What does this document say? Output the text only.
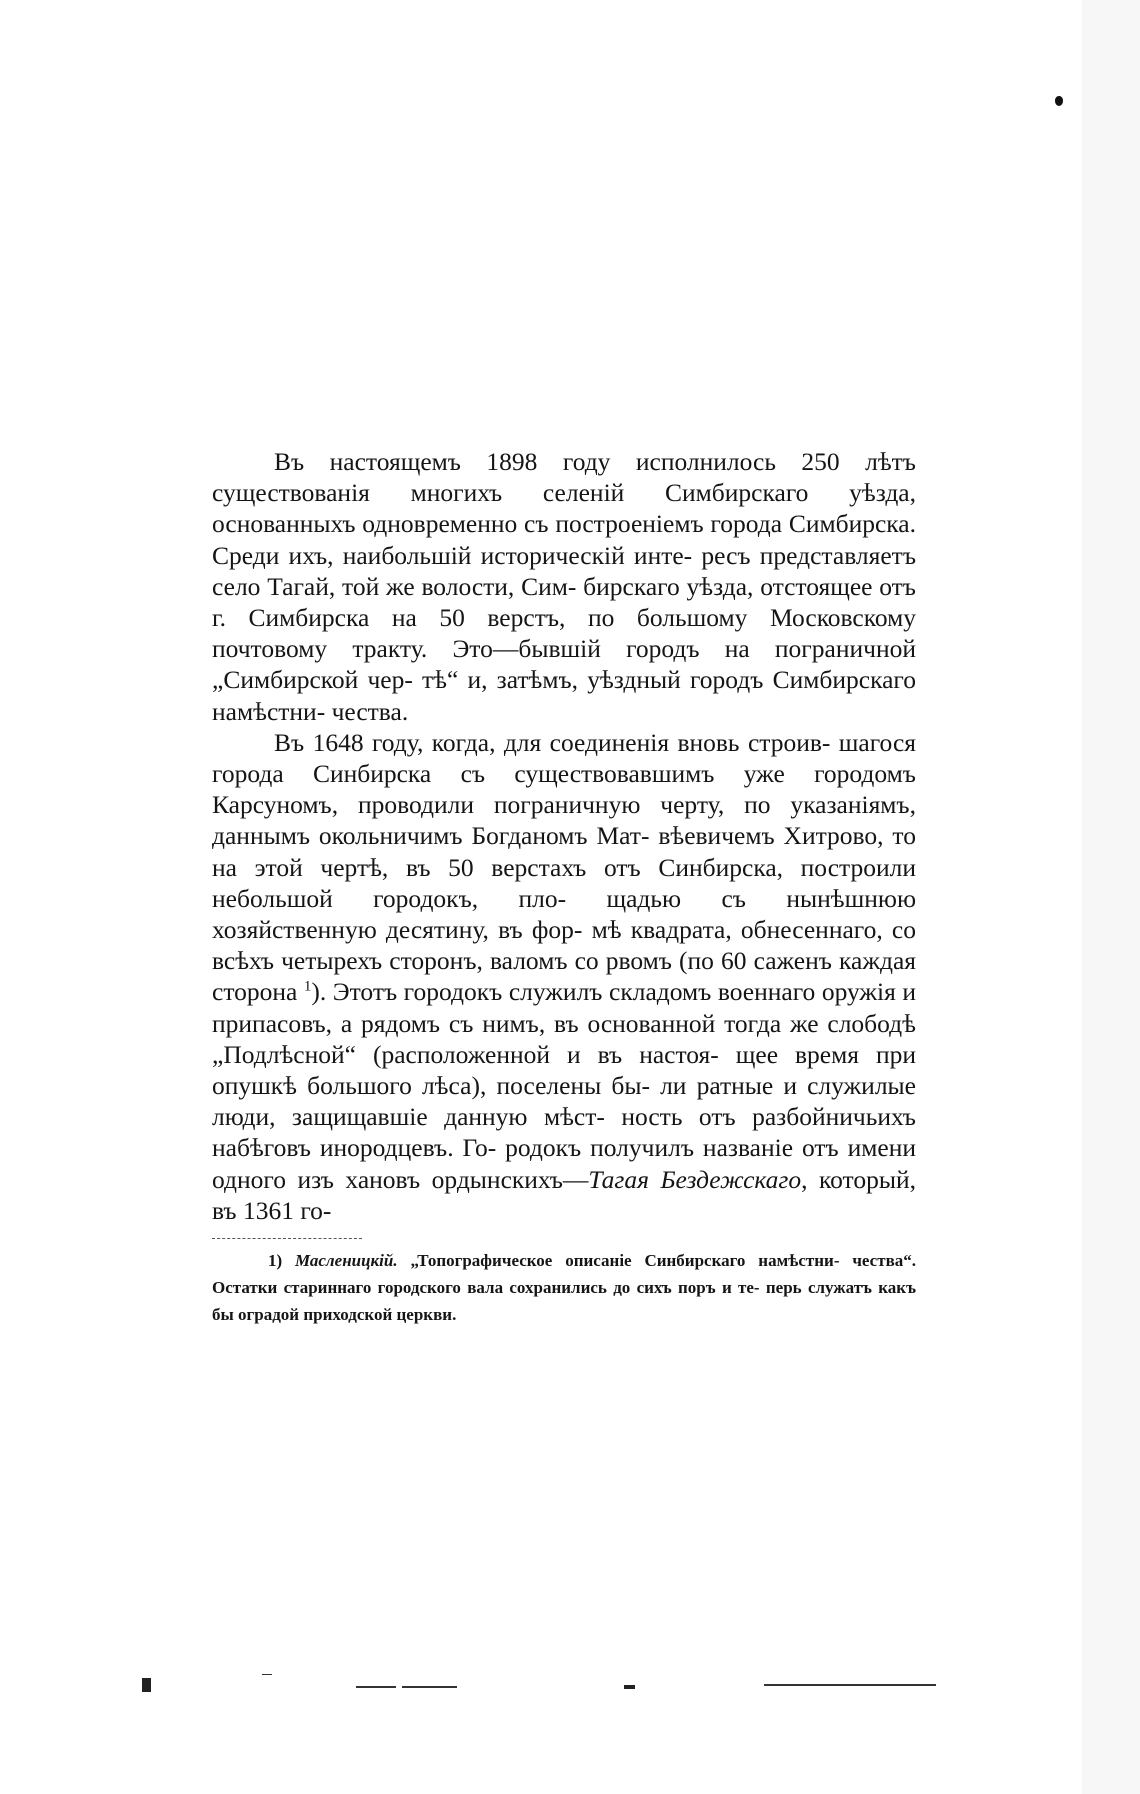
Въ настоящемъ 1898 году исполнилось 250 лѣтъ существованія многихъ селеній Симбирскаго уѣзда, основанныхъ одновременно съ построеніемъ города Симбирска. Среди ихъ, наибольшій историческій инте- ресъ представляетъ село Тагай, той же волости, Сим- бирскаго уѣзда, отстоящее отъ г. Симбирска на 50 верстъ, по большому Московскому почтовому тракту. Это—бывшій городъ на пограничной „Симбирской чер- тѣ“ и, затѣмъ, уѣздный городъ Симбирскаго намѣстни- чества.

Въ 1648 году, когда, для соединенія вновь строив- шагося города Синбирска съ существовавшимъ уже городомъ Карсуномъ, проводили пограничную черту, по указаніямъ, даннымъ окольничимъ Богданомъ Мат- вѣевичемъ Хитрово, то на этой чертѣ, въ 50 верстахъ отъ Синбирска, построили небольшой городокъ, пло- щадью съ нынѣшнюю хозяйственную десятину, въ фор- мѣ квадрата, обнесеннаго, со всѣхъ четырехъ сторонъ, валомъ со рвомъ (по 60 саженъ каждая сторона $^1$). Этотъ городокъ служилъ складомъ военнаго оружія и припасовъ, а рядомъ съ нимъ, въ основанной тогда же слободѣ „Подлѣсной“ (расположенной и въ настоя- щее время при опушкѣ большого лѣса), поселены бы- ли ратные и служилые люди, защищавшіе данную мѣст- ность отъ разбойничьихъ набѣговъ инородцевъ. Го- родокъ получилъ названіе отъ имени одного изъ хановъ ордынскихъ—Тагая Бездежскаго, который, въ 1361 го-

1) Масленицкій. „Топографическое описаніе Синбирскаго намѣстни- чества“. Остатки стариннаго городского вала сохранились до сихъ поръ и те- перь служатъ какъ бы оградой приходской церкви.
